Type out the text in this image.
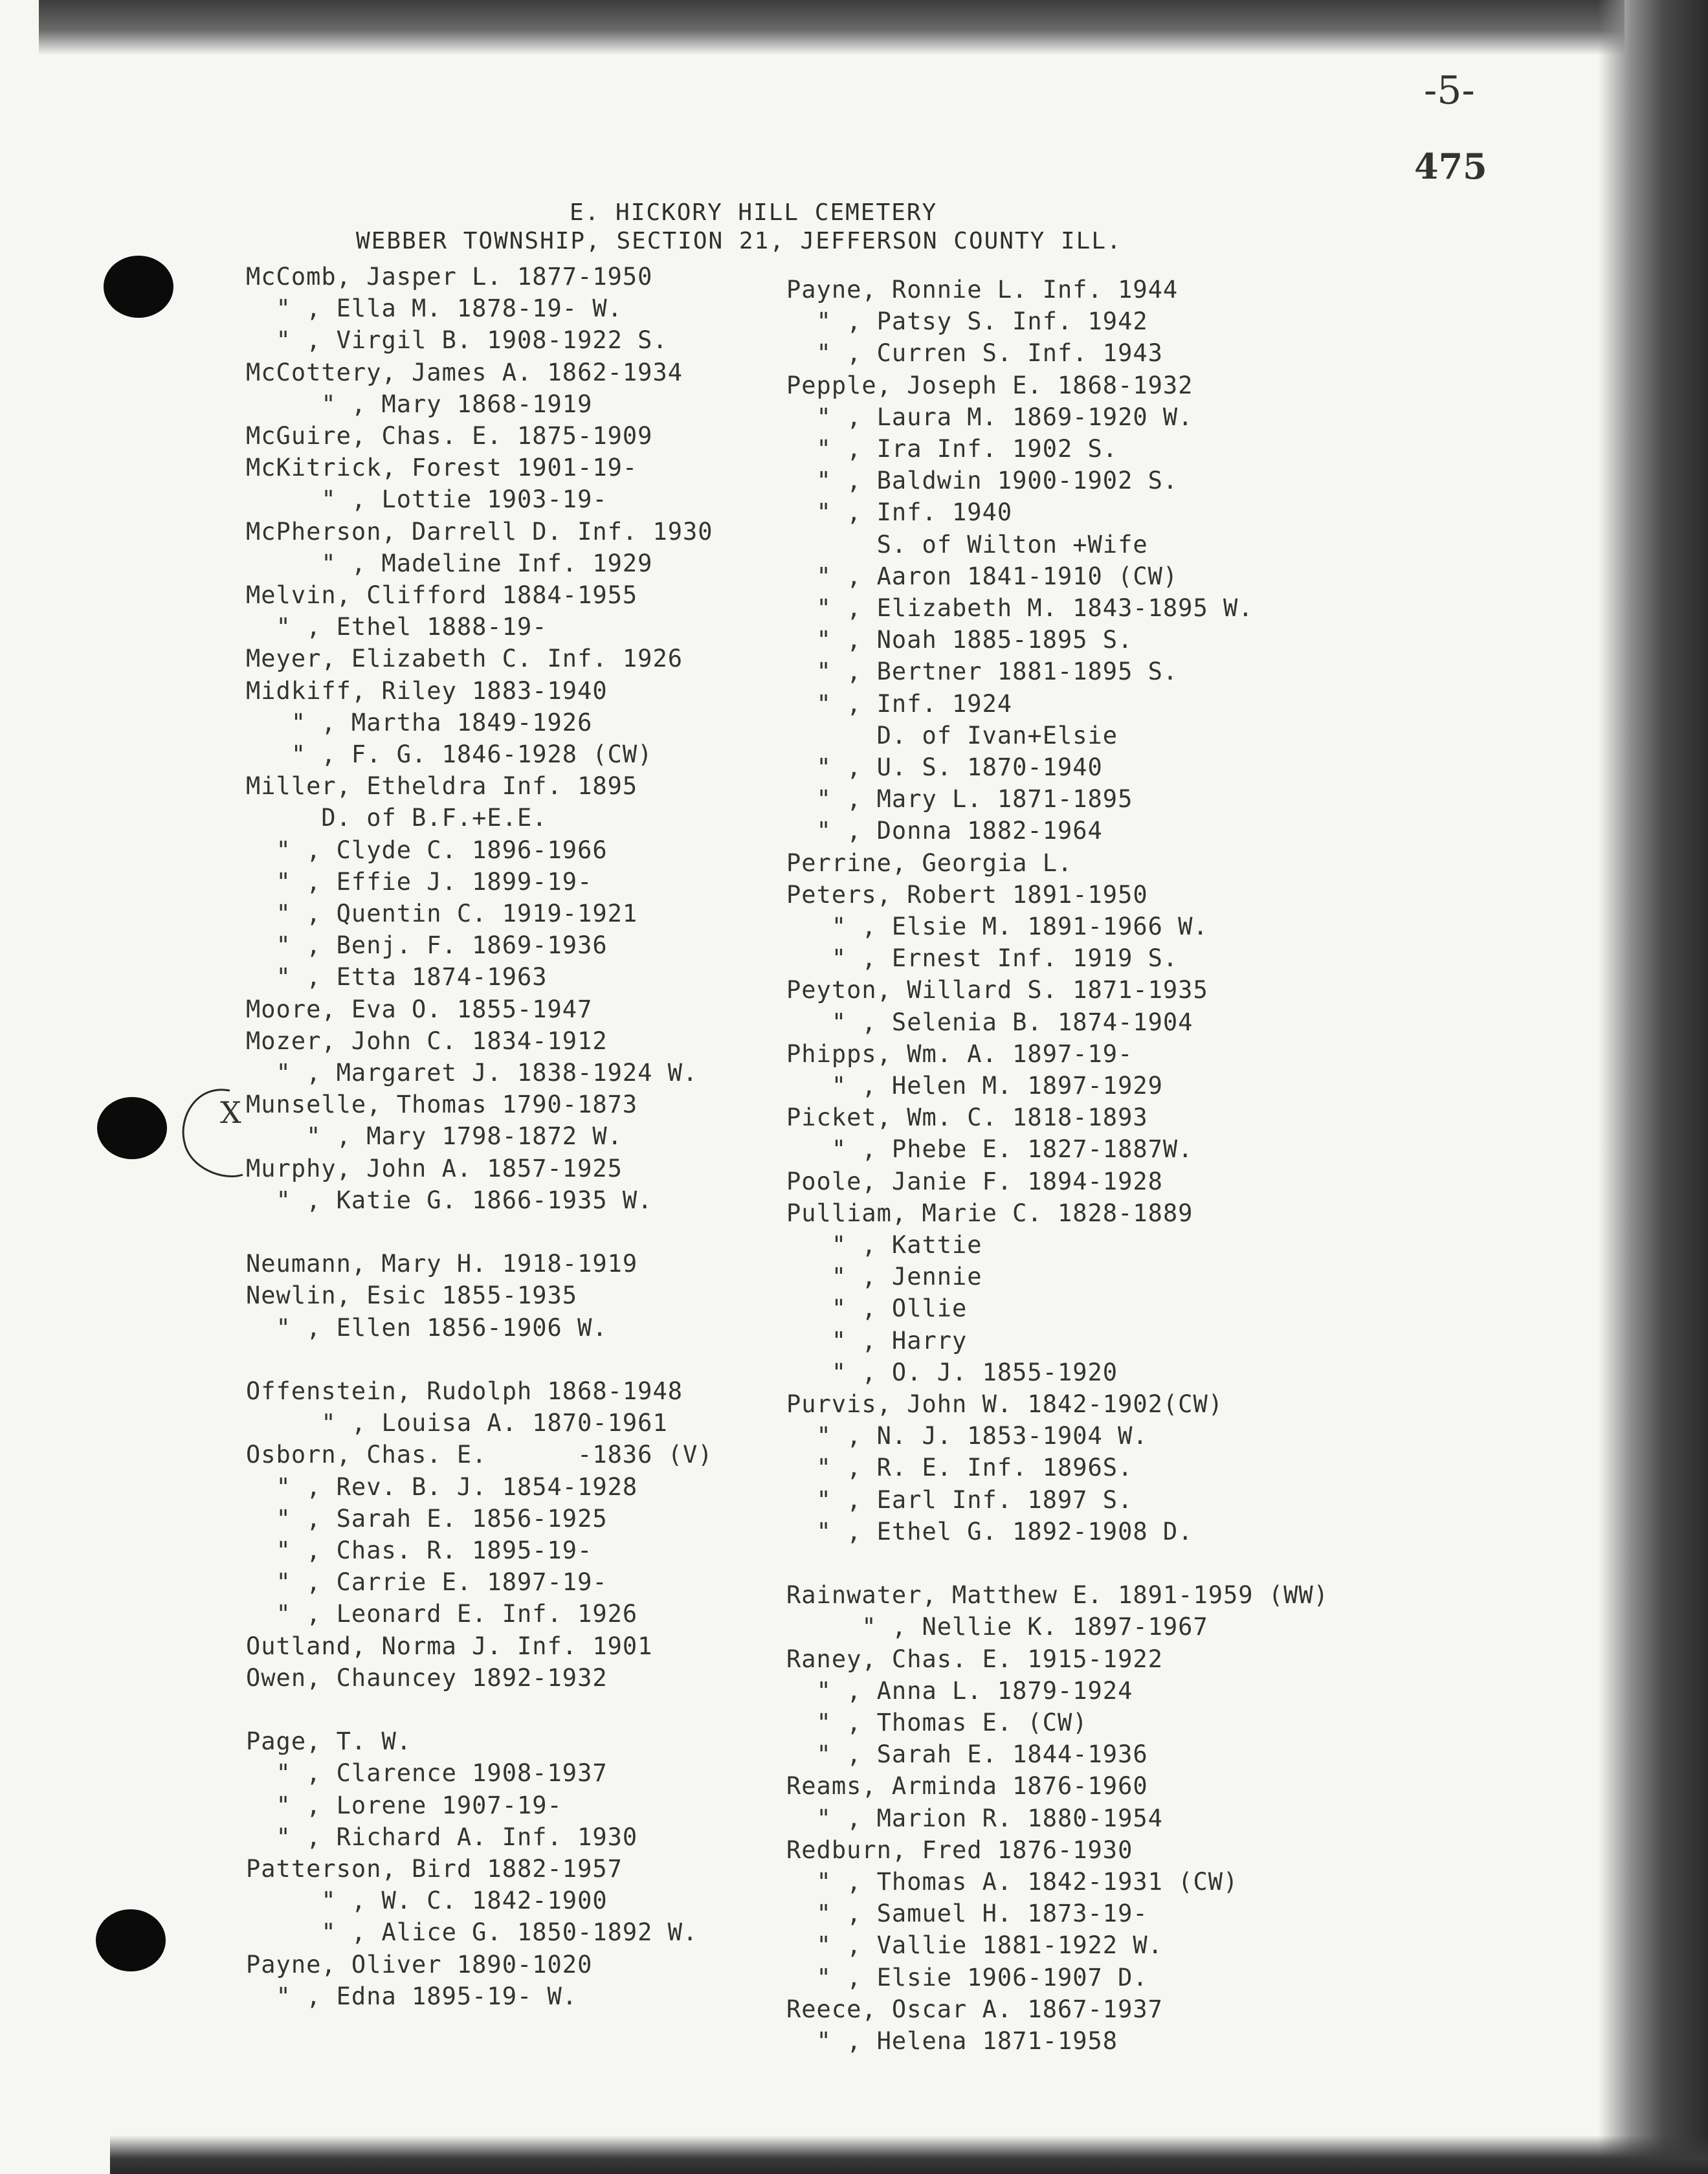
-5-
475
E. HICKORY HILL CEMETERY
WEBBER TOWNSHIP, SECTION 21, JEFFERSON COUNTY ILL.
X
McComb, Jasper L. 1877-1950
" , Ella M. 1878-19- W.
" , Virgil B. 1908-1922 S.
McCottery, James A. 1862-1934
" , Mary 1868-1919
McGuire, Chas. E. 1875-1909
McKitrick, Forest 1901-19-
" , Lottie 1903-19-
McPherson, Darrell D. Inf. 1930
" , Madeline Inf. 1929
Melvin, Clifford 1884-1955
" , Ethel 1888-19-
Meyer, Elizabeth C. Inf. 1926
Midkiff, Riley 1883-1940
" , Martha 1849-1926
" , F. G. 1846-1928 (CW)
Miller, Etheldra Inf. 1895
D. of B.F.+E.E.
" , Clyde C. 1896-1966
" , Effie J. 1899-19-
" , Quentin C. 1919-1921
" , Benj. F. 1869-1936
" , Etta 1874-1963
Moore, Eva O. 1855-1947
Mozer, John C. 1834-1912
" , Margaret J. 1838-1924 W.
Munselle, Thomas 1790-1873
" , Mary 1798-1872 W.
Murphy, John A. 1857-1925
" , Katie G. 1866-1935 W.
Neumann, Mary H. 1918-1919
Newlin, Esic 1855-1935
" , Ellen 1856-1906 W.
Offenstein, Rudolph 1868-1948
" , Louisa A. 1870-1961
Osborn, Chas. E.      -1836 (V)
" , Rev. B. J. 1854-1928
" , Sarah E. 1856-1925
" , Chas. R. 1895-19-
" , Carrie E. 1897-19-
" , Leonard E. Inf. 1926
Outland, Norma J. Inf. 1901
Owen, Chauncey 1892-1932
Page, T. W.
" , Clarence 1908-1937
" , Lorene 1907-19-
" , Richard A. Inf. 1930
Patterson, Bird 1882-1957
" , W. C. 1842-1900
" , Alice G. 1850-1892 W.
Payne, Oliver 1890-1020
" , Edna 1895-19- W.
Payne, Ronnie L. Inf. 1944
" , Patsy S. Inf. 1942
" , Curren S. Inf. 1943
Pepple, Joseph E. 1868-1932
" , Laura M. 1869-1920 W.
" , Ira Inf. 1902 S.
" , Baldwin 1900-1902 S.
" , Inf. 1940
S. of Wilton +Wife
" , Aaron 1841-1910 (CW)
" , Elizabeth M. 1843-1895 W.
" , Noah 1885-1895 S.
" , Bertner 1881-1895 S.
" , Inf. 1924
D. of Ivan+Elsie
" , U. S. 1870-1940
" , Mary L. 1871-1895
" , Donna 1882-1964
Perrine, Georgia L.
Peters, Robert 1891-1950
" , Elsie M. 1891-1966 W.
" , Ernest Inf. 1919 S.
Peyton, Willard S. 1871-1935
" , Selenia B. 1874-1904
Phipps, Wm. A. 1897-19-
" , Helen M. 1897-1929
Picket, Wm. C. 1818-1893
" , Phebe E. 1827-1887W.
Poole, Janie F. 1894-1928
Pulliam, Marie C. 1828-1889
" , Kattie
" , Jennie
" , Ollie
" , Harry
" , O. J. 1855-1920
Purvis, John W. 1842-1902(CW)
" , N. J. 1853-1904 W.
" , R. E. Inf. 1896S.
" , Earl Inf. 1897 S.
" , Ethel G. 1892-1908 D.
Rainwater, Matthew E. 1891-1959 (WW)
" , Nellie K. 1897-1967
Raney, Chas. E. 1915-1922
" , Anna L. 1879-1924
" , Thomas E. (CW)
" , Sarah E. 1844-1936
Reams, Arminda 1876-1960
" , Marion R. 1880-1954
Redburn, Fred 1876-1930
" , Thomas A. 1842-1931 (CW)
" , Samuel H. 1873-19-
" , Vallie 1881-1922 W.
" , Elsie 1906-1907 D.
Reece, Oscar A. 1867-1937
" , Helena 1871-1958
